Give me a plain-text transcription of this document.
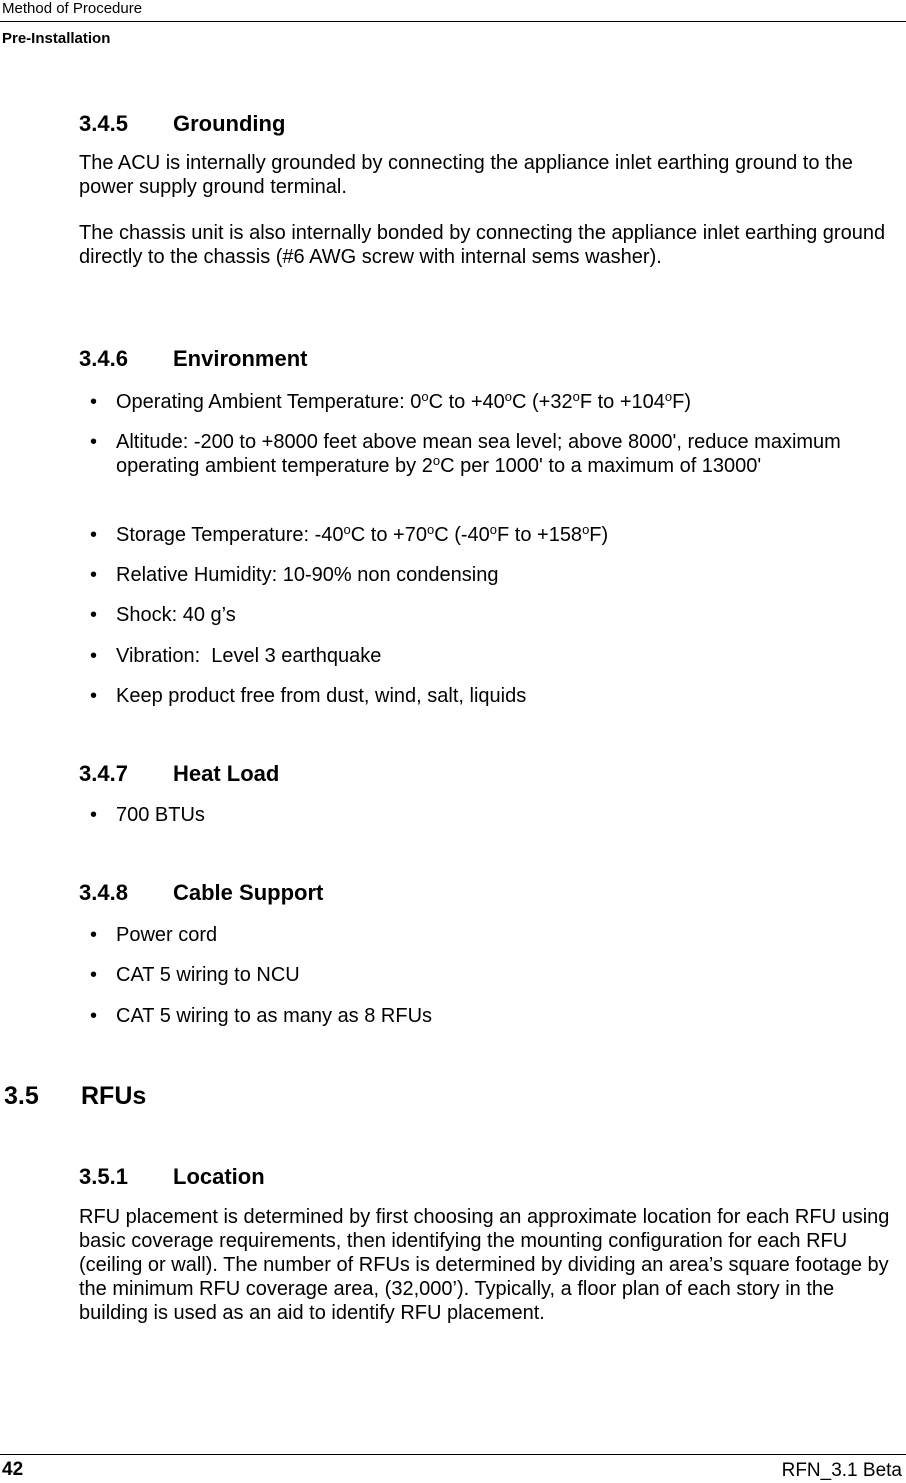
Method of Procedure
Pre-Installation
3.4.5 Grounding
The ACU is internally grounded by connecting the appliance inlet earthing ground to the power supply ground terminal.
The chassis unit is also internally bonded by connecting the appliance inlet earthing ground directly to the chassis (#6 AWG screw with internal sems washer).
3.4.6 Environment
• Operating Ambient Temperature: 0$^o$C to $+40^oC$ ($+32^oF$ to $+104^oF$)
• Altitude: -200 to +8000 feet above mean sea level; above 8000', reduce maximum operating ambient temperature by 2$^o$C per 1000' to a maximum of 13000'
• Storage Temperature: -40$^o$C to $+70^oC$ (-40$^o$F to $+158^oF$)
• Relative Humidity: 10-90% non condensing
• Shock: 40 g’s
• Vibration:  Level 3 earthquake
• Keep product free from dust, wind, salt, liquids
3.4.7 Heat Load
• 700 BTUs
3.4.8 Cable Support
• Power cord
• CAT 5 wiring to NCU
• CAT 5 wiring to as many as 8 RFUs
3.5 RFUs
3.5.1 Location
RFU placement is determined by first choosing an approximate location for each RFU using basic coverage requirements, then identifying the mounting configuration for each RFU (ceiling or wall). The number of RFUs is determined by dividing an area’s square footage by the minimum RFU coverage area, (32,000’). Typically, a floor plan of each story in the building is used as an aid to identify RFU placement.
42	RFN_3.1 Beta
